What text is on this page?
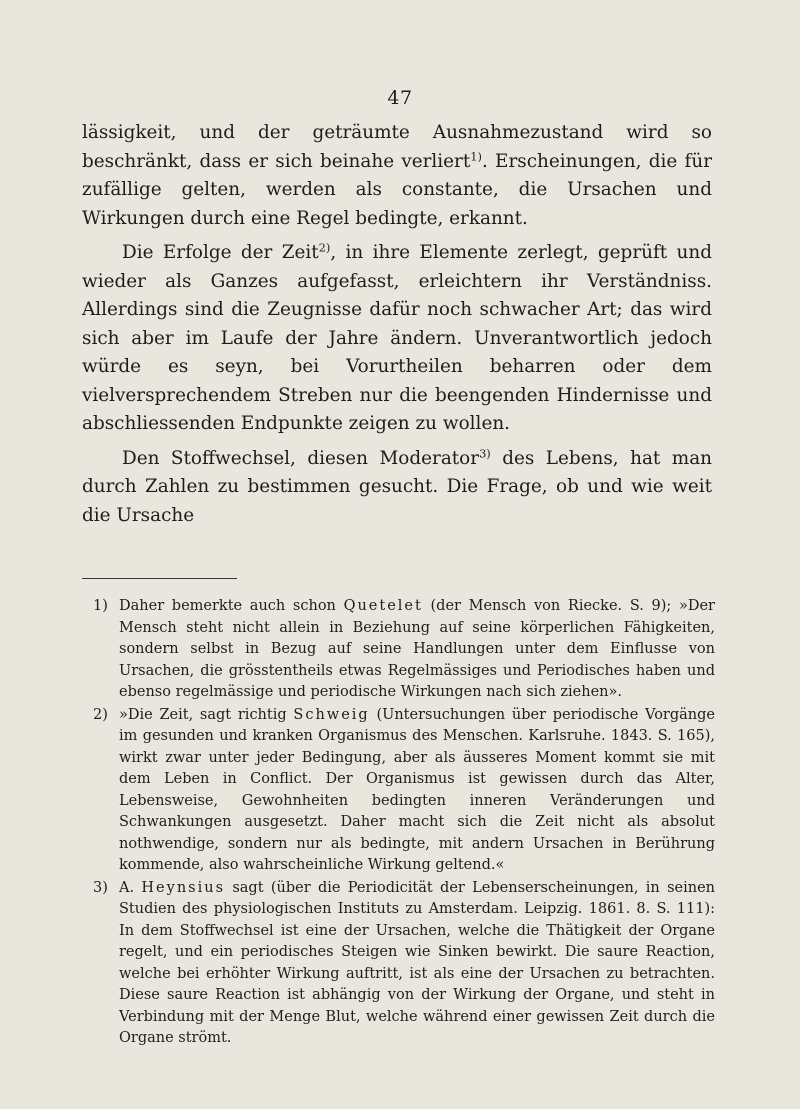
47

lässigkeit, und der geträumte Ausnahmezustand wird so beschränkt, dass er sich beinahe verliert$^{1)}$. Erscheinungen, die für zufällige gelten, werden als constante, die Ursachen und Wirkungen durch eine Regel bedingte, erkannt.

Die Erfolge der Zeit$^{2)}$, in ihre Elemente zerlegt, geprüft und wieder als Ganzes aufgefasst, erleichtern ihr Verständniss. Allerdings sind die Zeugnisse dafür noch schwacher Art; das wird sich aber im Laufe der Jahre ändern. Unverantwortlich jedoch würde es seyn, bei Vorurtheilen beharren oder dem vielversprechendem Streben nur die beengenden Hindernisse und abschliessenden Endpunkte zeigen zu wollen.

Den Stoffwechsel, diesen Moderator$^{3)}$ des Lebens, hat man durch Zahlen zu bestimmen gesucht. Die Frage, ob und wie weit die Ursache

1) Daher bemerkte auch schon Quetelet (der Mensch von Riecke. S. 9); »Der Mensch steht nicht allein in Beziehung auf seine körperlichen Fähigkeiten, sondern selbst in Bezug auf seine Handlungen unter dem Einflusse von Ursachen, die grösstentheils etwas Regelmässiges und Periodisches haben und ebenso regelmässige und periodische Wirkungen nach sich ziehen».
2) »Die Zeit, sagt richtig Schweig (Untersuchungen über periodische Vorgänge im gesunden und kranken Organismus des Menschen. Karlsruhe. 1843. S. 165), wirkt zwar unter jeder Bedingung, aber als äusseres Moment kommt sie mit dem Leben in Conflict. Der Organismus ist gewissen durch das Alter, Lebensweise, Gewohnheiten bedingten inneren Veränderungen und Schwankungen ausgesetzt. Daher macht sich die Zeit nicht als absolut nothwendige, sondern nur als bedingte, mit andern Ursachen in Berührung kommende, also wahrscheinliche Wirkung geltend.«
3) A. Heynsius sagt (über die Periodicität der Lebenserscheinungen, in seinen Studien des physiologischen Instituts zu Amsterdam. Leipzig. 1861. 8. S. 111): In dem Stoffwechsel ist eine der Ursachen, welche die Thätigkeit der Organe regelt, und ein periodisches Steigen wie Sinken bewirkt. Die saure Reaction, welche bei erhöhter Wirkung auftritt, ist als eine der Ursachen zu betrachten. Diese saure Reaction ist abhängig von der Wirkung der Organe, und steht in Verbindung mit der Menge Blut, welche während einer gewissen Zeit durch die Organe strömt.
